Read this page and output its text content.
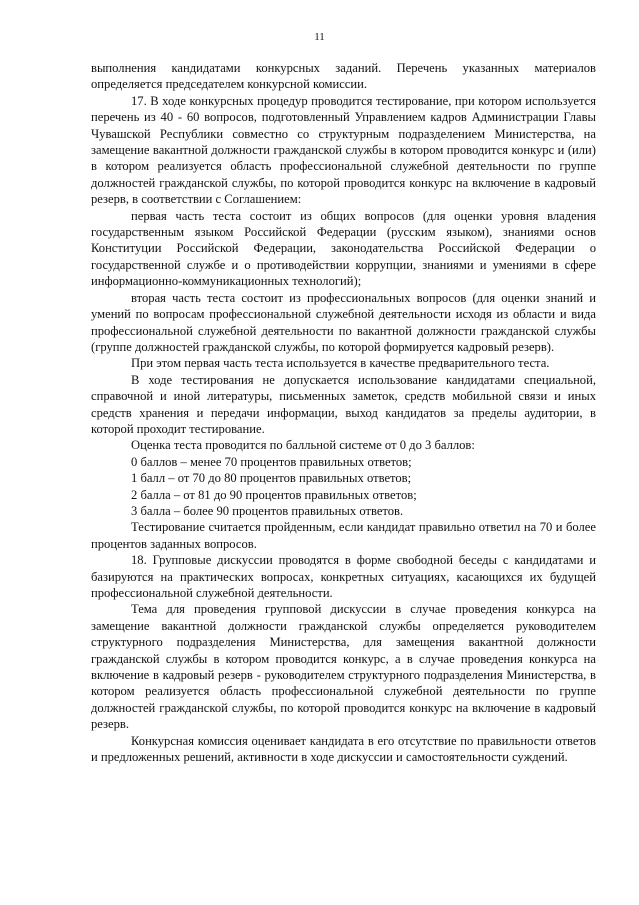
11

выполнения кандидатами конкурсных заданий. Перечень указанных материалов определяется председателем конкурсной комиссии.

17. В ходе конкурсных процедур проводится тестирование, при котором используется перечень из 40 - 60 вопросов, подготовленный Управлением кадров Администрации Главы Чувашской Республики совместно со структурным подразделением Министерства, на замещение вакантной должности гражданской службы в котором проводится конкурс и (или) в котором реализуется область профессиональной служебной деятельности по группе должностей гражданской службы, по которой проводится конкурс на включение в кадровый резерв, в соответствии с Соглашением:

первая часть теста состоит из общих вопросов (для оценки уровня владения государственным языком Российской Федерации (русским языком), знаниями основ Конституции Российской Федерации, законодательства Российской Федерации о государственной службе и о противодействии коррупции, знаниями и умениями в сфере информационно-коммуникационных технологий);

вторая часть теста состоит из профессиональных вопросов (для оценки знаний и умений по вопросам профессиональной служебной деятельности исходя из области и вида профессиональной служебной деятельности по вакантной должности гражданской службы (группе должностей гражданской службы, по которой формируется кадровый резерв).

При этом первая часть теста используется в качестве предварительного теста.

В ходе тестирования не допускается использование кандидатами специальной, справочной и иной литературы, письменных заметок, средств мобильной связи и иных средств хранения и передачи информации, выход кандидатов за пределы аудитории, в которой проходит тестирование.

Оценка теста проводится по балльной системе от 0 до 3 баллов:

0 баллов – менее 70 процентов правильных ответов;

1 балл – от 70 до 80 процентов правильных ответов;

2 балла – от 81 до 90 процентов правильных ответов;

3 балла – более 90 процентов правильных ответов.

Тестирование считается пройденным, если кандидат правильно ответил на 70 и более процентов заданных вопросов.

18. Групповые дискуссии проводятся в форме свободной беседы с кандидатами и базируются на практических вопросах, конкретных ситуациях, касающихся их будущей профессиональной служебной деятельности.

Тема для проведения групповой дискуссии в случае проведения конкурса на замещение вакантной должности гражданской службы определяется руководителем структурного подразделения Министерства, для замещения вакантной должности гражданской службы в котором проводится конкурс, а в случае проведения конкурса на включение в кадровый резерв - руководителем структурного подразделения Министерства, в котором реализуется область профессиональной служебной деятельности по группе должностей гражданской службы, по которой проводится конкурс на включение в кадровый резерв.

Конкурсная комиссия оценивает кандидата в его отсутствие по правильности ответов и предложенных решений, активности в ходе дискуссии и самостоятельности суждений.
